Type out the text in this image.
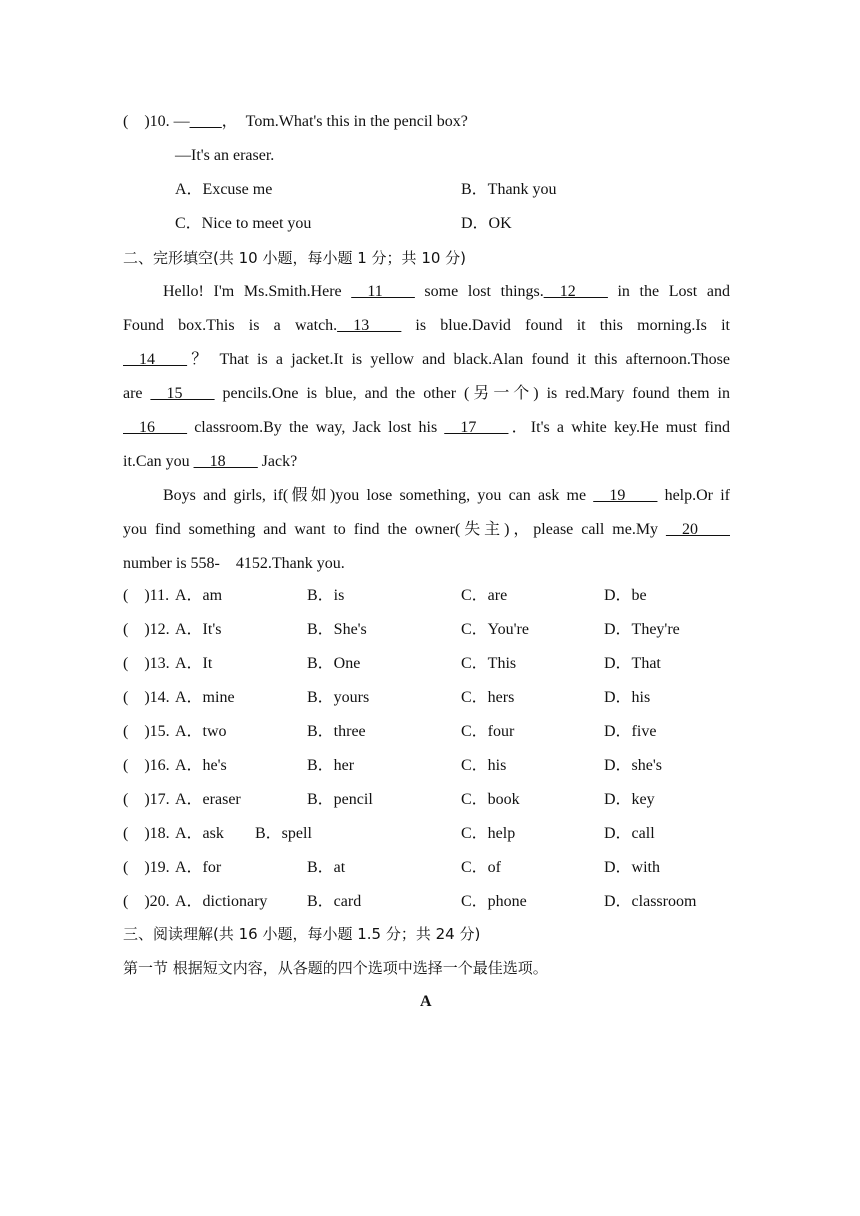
(　)10. —____，　Tom.What's this in the pencil box?
—It's an eraser.
A．Excuse me	B．Thank you
C．Nice to meet you	D．OK
二、完形填空(共 10 小题，每小题 1 分；共 10 分)
Hello! I'm Ms.Smith.Here __11____ some lost things.__12____ in the Lost and
Found box.This is a watch.__13____ is blue.David found it this morning.Is it
__14____？ That is a jacket.It is yellow and black.Alan found it this afternoon.Those
are __15____ pencils.One is blue, and the other (另一个) is red.Mary found them in
__16____ classroom.By the way, Jack lost his __17____．It's a white key.He must find
it.Can you __18____ Jack?
Boys and girls, if(假如)you lose something, you can ask me __19____ help.Or if
you find something and want to find the owner(失主)，please call me.My __20____
number is 558-　4152.Thank you.
(　)11. A．am	B．is	C．are	D．be
(　)12. A．It's	B．She's	C．You're	D．They're
(　)13. A．It	B．One	C．This	D．That
(　)14. A．mine	B．yours	C．hers	D．his
(　)15. A．two	B．three	C．four	D．five
(　)16. A．he's	B．her	C．his	D．she's
(　)17. A．eraser	B．pencil	C．book	D．key
(　)18. A．ask B．spell	C．help	D．call
(　)19. A．for	B．at	C．of	D．with
(　)20. A．dictionary B．card	C．phone	D．classroom
三、阅读理解(共 16 小题，每小题 1.5 分；共 24 分)
第一节 根据短文内容，从各题的四个选项中选择一个最佳选项。
A
